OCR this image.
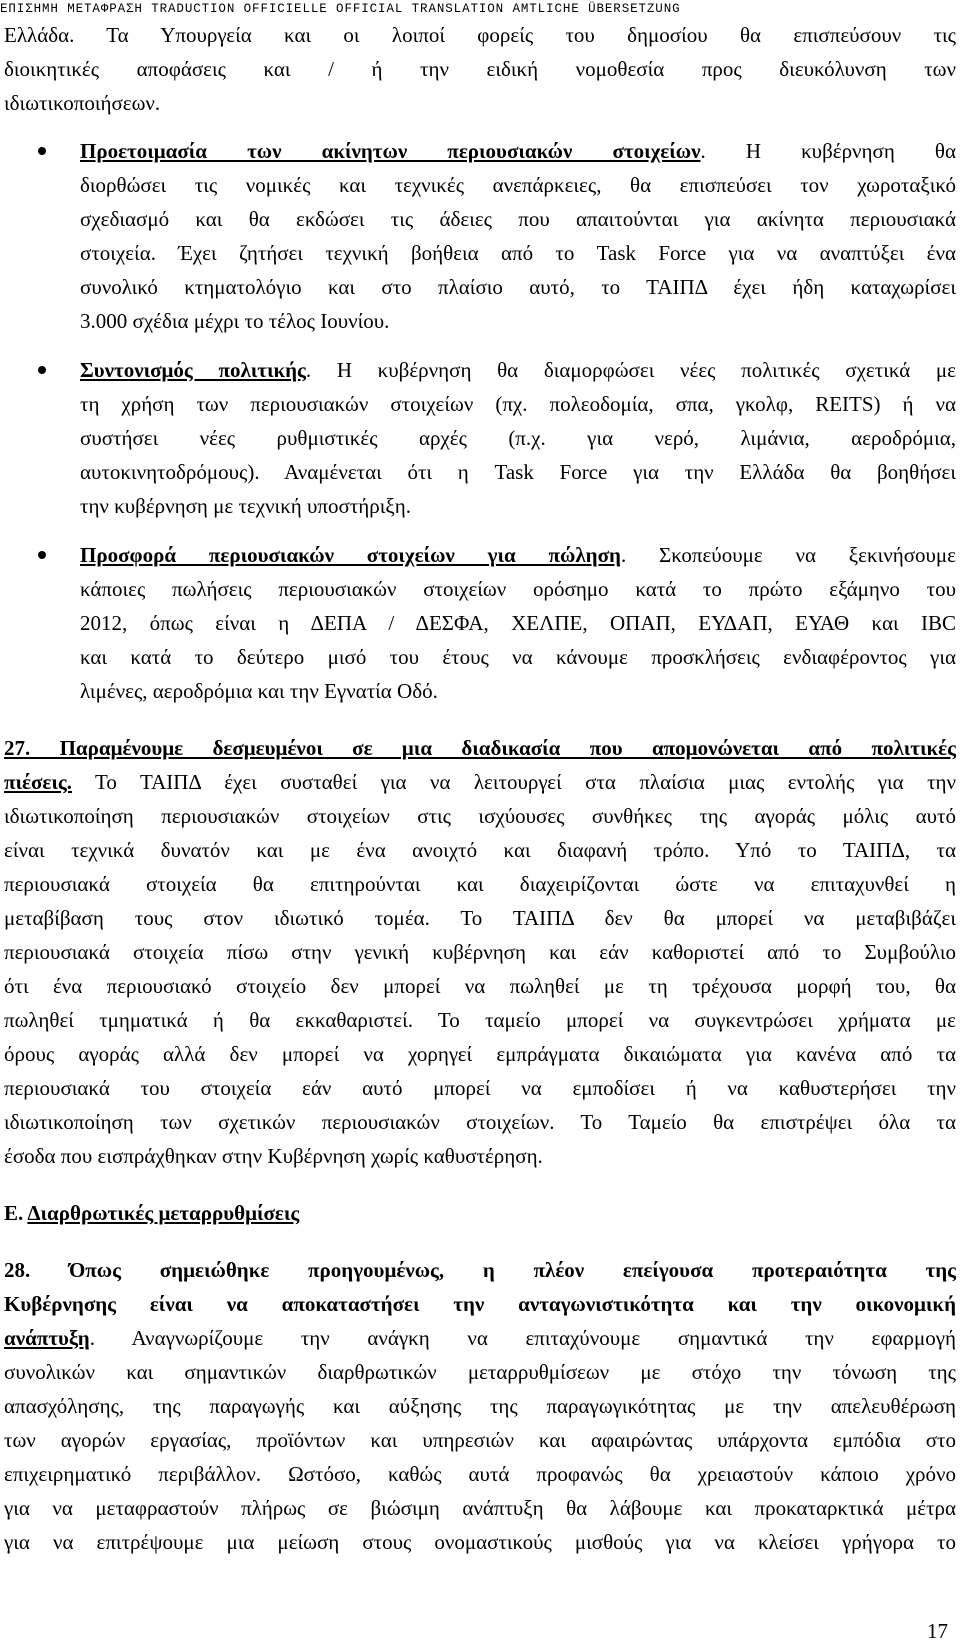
ΕΠΙΣΗΜΗ ΜΕΤΑΦΡΑΣΗ TRADUCTION OFFICIELLE OFFICIAL TRANSLATION AMTLICHE ÜBERSETZUNG
Ελλάδα. Τα Υπουργεία και οι λοιποί φορείς του δημοσίου θα επισπεύσουν τις
διοικητικές αποφάσεις και / ή την ειδική νομοθεσία προς διευκόλυνση των
ιδιωτικοποιήσεων.
Προετοιμασία των ακίνητων περιουσιακών στοιχείων. Η κυβέρνηση θα
διορθώσει τις νομικές και τεχνικές ανεπάρκειες, θα επισπεύσει τον χωροταξικό
σχεδιασμό και θα εκδώσει τις άδειες που απαιτούνται για ακίνητα περιουσιακά
στοιχεία. Έχει ζητήσει τεχνική βοήθεια από το Task Force για να αναπτύξει ένα
συνολικό κτηματολόγιο και στο πλαίσιο αυτό, το ΤΑΙΠΔ έχει ήδη καταχωρίσει
3.000 σχέδια μέχρι το τέλος Ιουνίου.
Συντονισμός πολιτικής. Η κυβέρνηση θα διαμορφώσει νέες πολιτικές σχετικά με
τη χρήση των περιουσιακών στοιχείων (πχ. πολεοδομία, σπα, γκολφ, REITS) ή να
συστήσει νέες ρυθμιστικές αρχές (π.χ. για νερό, λιμάνια, αεροδρόμια,
αυτοκινητοδρόμους). Αναμένεται ότι η Task Force για την Ελλάδα θα βοηθήσει
την κυβέρνηση με τεχνική υποστήριξη.
Προσφορά περιουσιακών στοιχείων για πώληση. Σκοπεύουμε να ξεκινήσουμε
κάποιες πωλήσεις περιουσιακών στοιχείων ορόσημο κατά το πρώτο εξάμηνο του
2012, όπως είναι η ΔΕΠΑ / ΔΕΣΦΑ, ΧΕΛΠΕ, ΟΠΑΠ, ΕΥΔΑΠ, ΕΥΑΘ και IBC
και κατά το δεύτερο μισό του έτους να κάνουμε προσκλήσεις ενδιαφέροντος για
λιμένες, αεροδρόμια και την Εγνατία Οδό.
27. Παραμένουμε δεσμευμένοι σε μια διαδικασία που απομονώνεται από πολιτικές
πιέσεις. Το ΤΑΙΠΔ έχει συσταθεί για να λειτουργεί στα πλαίσια μιας εντολής για την
ιδιωτικοποίηση περιουσιακών στοιχείων στις ισχύουσες συνθήκες της αγοράς μόλις αυτό
είναι τεχνικά δυνατόν και με ένα ανοιχτό και διαφανή τρόπο. Υπό το ΤΑΙΠΔ, τα
περιουσιακά στοιχεία θα επιτηρούνται και διαχειρίζονται ώστε να επιταχυνθεί η
μεταβίβαση τους στον ιδιωτικό τομέα. Το ΤΑΙΠΔ δεν θα μπορεί να μεταβιβάζει
περιουσιακά στοιχεία πίσω στην γενική κυβέρνηση και εάν καθοριστεί από το Συμβούλιο
ότι ένα περιουσιακό στοιχείο δεν μπορεί να πωληθεί με τη τρέχουσα μορφή του, θα
πωληθεί τμηματικά ή θα εκκαθαριστεί. Το ταμείο μπορεί να συγκεντρώσει χρήματα με
όρους αγοράς αλλά δεν μπορεί να χορηγεί εμπράγματα δικαιώματα για κανένα από τα
περιουσιακά του στοιχεία εάν αυτό μπορεί να εμποδίσει ή να καθυστερήσει την
ιδιωτικοποίηση των σχετικών περιουσιακών στοιχείων. Το Ταμείο θα επιστρέψει όλα τα
έσοδα που εισπράχθηκαν στην Κυβέρνηση χωρίς καθυστέρηση.
Ε. Διαρθρωτικές μεταρρυθμίσεις
28. Όπως σημειώθηκε προηγουμένως, η πλέον επείγουσα προτεραιότητα της
Κυβέρνησης είναι να αποκαταστήσει την ανταγωνιστικότητα και την οικονομική
ανάπτυξη. Αναγνωρίζουμε την ανάγκη να επιταχύνουμε σημαντικά την εφαρμογή
συνολικών και σημαντικών διαρθρωτικών μεταρρυθμίσεων με στόχο την τόνωση της
απασχόλησης, της παραγωγής και αύξησης της παραγωγικότητας με την απελευθέρωση
των αγορών εργασίας, προϊόντων και υπηρεσιών και αφαιρώντας υπάρχοντα εμπόδια στο
επιχειρηματικό περιβάλλον. Ωστόσο, καθώς αυτά προφανώς θα χρειαστούν κάποιο χρόνο
για να μεταφραστούν πλήρως σε βιώσιμη ανάπτυξη θα λάβουμε και προκαταρκτικά μέτρα
για να επιτρέψουμε μια μείωση στους ονομαστικούς μισθούς για να κλείσει γρήγορα το
17
